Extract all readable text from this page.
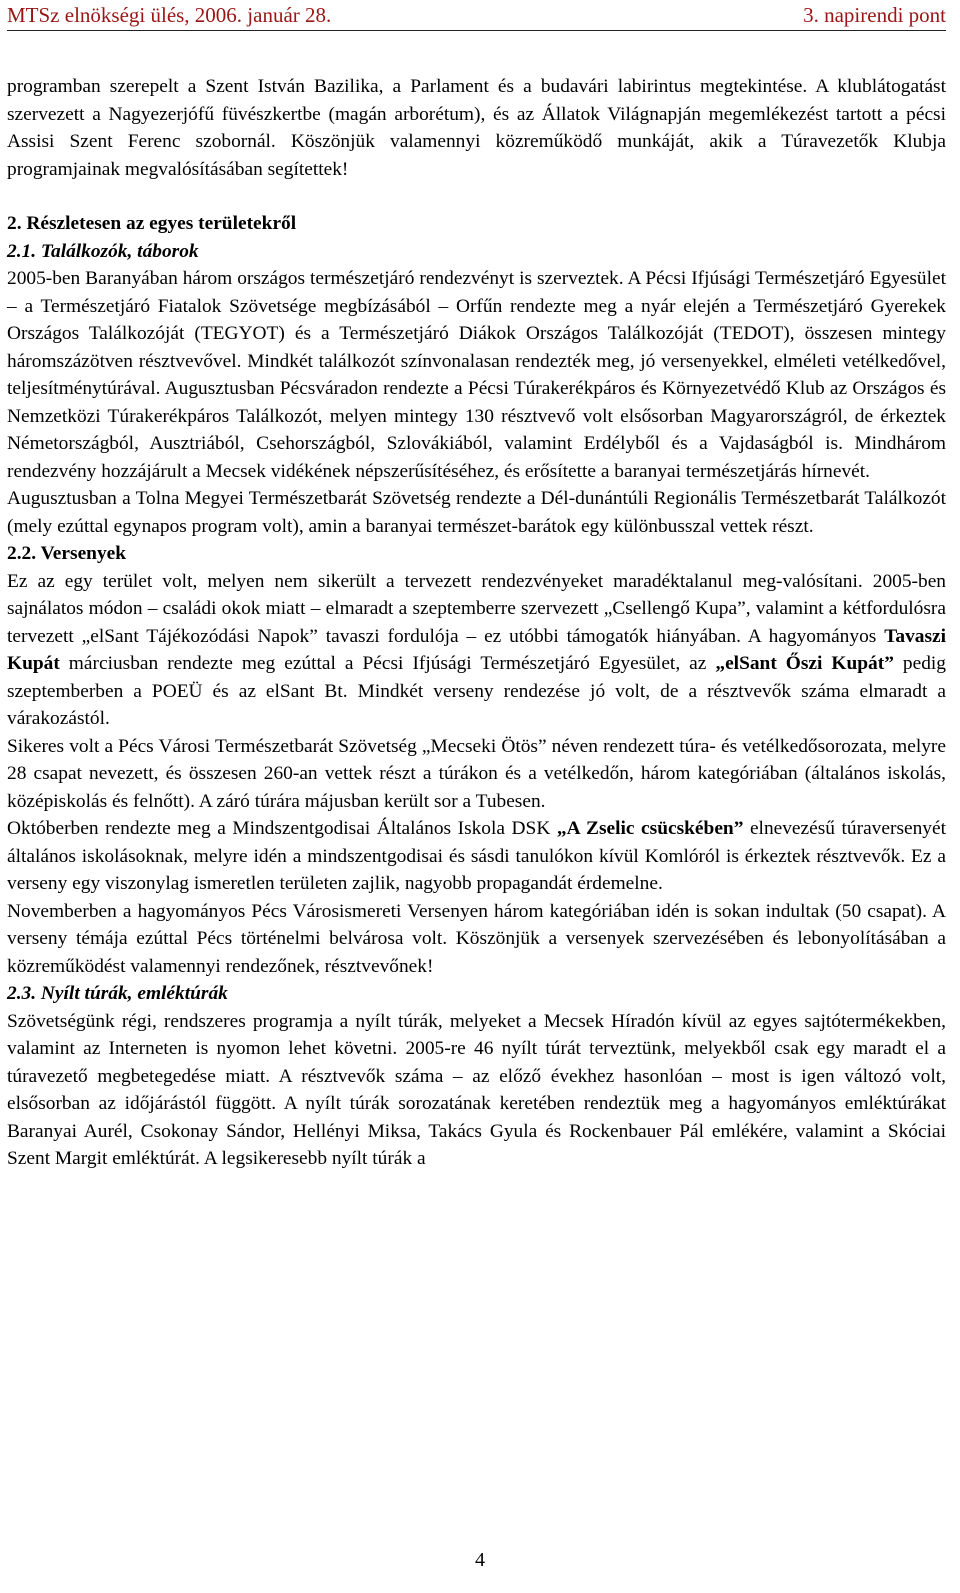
MTSz elnökségi ülés, 2006. január 28.	3. napirendi pont

programban szerepelt a Szent István Bazilika, a Parlament és a budavári labirintus megtekintése. A klublátogatást szervezett a Nagyezerjófű füvészkertbe (magán arborétum), és az Állatok Világnapján megemlékezést tartott a pécsi Assisi Szent Ferenc szobornál. Köszönjük valamennyi közreműködő munkáját, akik a Túravezetők Klubja programjainak megvalósításában segítettek!

2. Részletesen az egyes területekről

2.1. Találkozók, táborok

2005-ben Baranyában három országos természetjáró rendezvényt is szerveztek. A Pécsi Ifjúsági Természetjáró Egyesület – a Természetjáró Fiatalok Szövetsége megbízásából – Orfűn rendezte meg a nyár elején a Természetjáró Gyerekek Országos Találkozóját (TEGYOT) és a Természetjáró Diákok Országos Találkozóját (TEDOT), összesen mintegy háromszázötven résztvevővel. Mindkét találkozót színvonalasan rendezték meg, jó versenyekkel, elméleti vetélkedővel, teljesítménytúrával. Augusztusban Pécsváradon rendezte a Pécsi Túrakerékpáros és Környezetvédő Klub az Országos és Nemzetközi Túrakerékpáros Találkozót, melyen mintegy 130 résztvevő volt elsősorban Magyarországról, de érkeztek Németországból, Ausztriából, Csehországból, Szlovákiából, valamint Erdélyből és a Vajdaságból is. Mindhárom rendezvény hozzájárult a Mecsek vidékének népszerűsítéséhez, és erősítette a baranyai természetjárás hírnevét.

Augusztusban a Tolna Megyei Természetbarát Szövetség rendezte a Dél-dunántúli Regionális Természetbarát Találkozót (mely ezúttal egynapos program volt), amin a baranyai természet-barátok egy különbusszal vettek részt.

2.2. Versenyek

Ez az egy terület volt, melyen nem sikerült a tervezett rendezvényeket maradéktalanul meg-valósítani. 2005-ben sajnálatos módon – családi okok miatt – elmaradt a szeptemberre szervezett „Csellengő Kupa”, valamint a kétfordulósra tervezett „elSant Tájékozódási Napok” tavaszi fordulója – ez utóbbi támogatók hiányában. A hagyományos Tavaszi Kupát márciusban rendezte meg ezúttal a Pécsi Ifjúsági Természetjáró Egyesület, az „elSant Őszi Kupát” pedig szeptemberben a POEÜ és az elSant Bt. Mindkét verseny rendezése jó volt, de a résztvevők száma elmaradt a várakozástól.

Sikeres volt a Pécs Városi Természetbarát Szövetség „Mecseki Ötös” néven rendezett túra- és vetélkedősorozata, melyre 28 csapat nevezett, és összesen 260-an vettek részt a túrákon és a vetélkedőn, három kategóriában (általános iskolás, középiskolás és felnőtt). A záró túrára májusban került sor a Tubesen.

Októberben rendezte meg a Mindszentgodisai Általános Iskola DSK „A Zselic csücskében” elnevezésű túraversenyét általános iskolásoknak, melyre idén a mindszentgodisai és sásdi tanulókon kívül Komlóról is érkeztek résztvevők. Ez a verseny egy viszonylag ismeretlen területen zajlik, nagyobb propagandát érdemelne.

Novemberben a hagyományos Pécs Városismereti Versenyen három kategóriában idén is sokan indultak (50 csapat). A verseny témája ezúttal Pécs történelmi belvárosa volt. Köszönjük a versenyek szervezésében és lebonyolításában a közreműködést valamennyi rendezőnek, résztvevőnek!

2.3. Nyílt túrák, emléktúrák

Szövetségünk régi, rendszeres programja a nyílt túrák, melyeket a Mecsek Híradón kívül az egyes sajtótermékekben, valamint az Interneten is nyomon lehet követni. 2005-re 46 nyílt túrát terveztünk, melyekből csak egy maradt el a túravezető megbetegedése miatt. A résztvevők száma – az előző évekhez hasonlóan – most is igen változó volt, elsősorban az időjárástól függött. A nyílt túrák sorozatának keretében rendeztük meg a hagyományos emléktúrákat Baranyai Aurél, Csokonay Sándor, Hellényi Miksa, Takács Gyula és Rockenbauer Pál emlékére, valamint a Skóciai Szent Margit emléktúrát. A legsikeresebb nyílt túrák a

4
